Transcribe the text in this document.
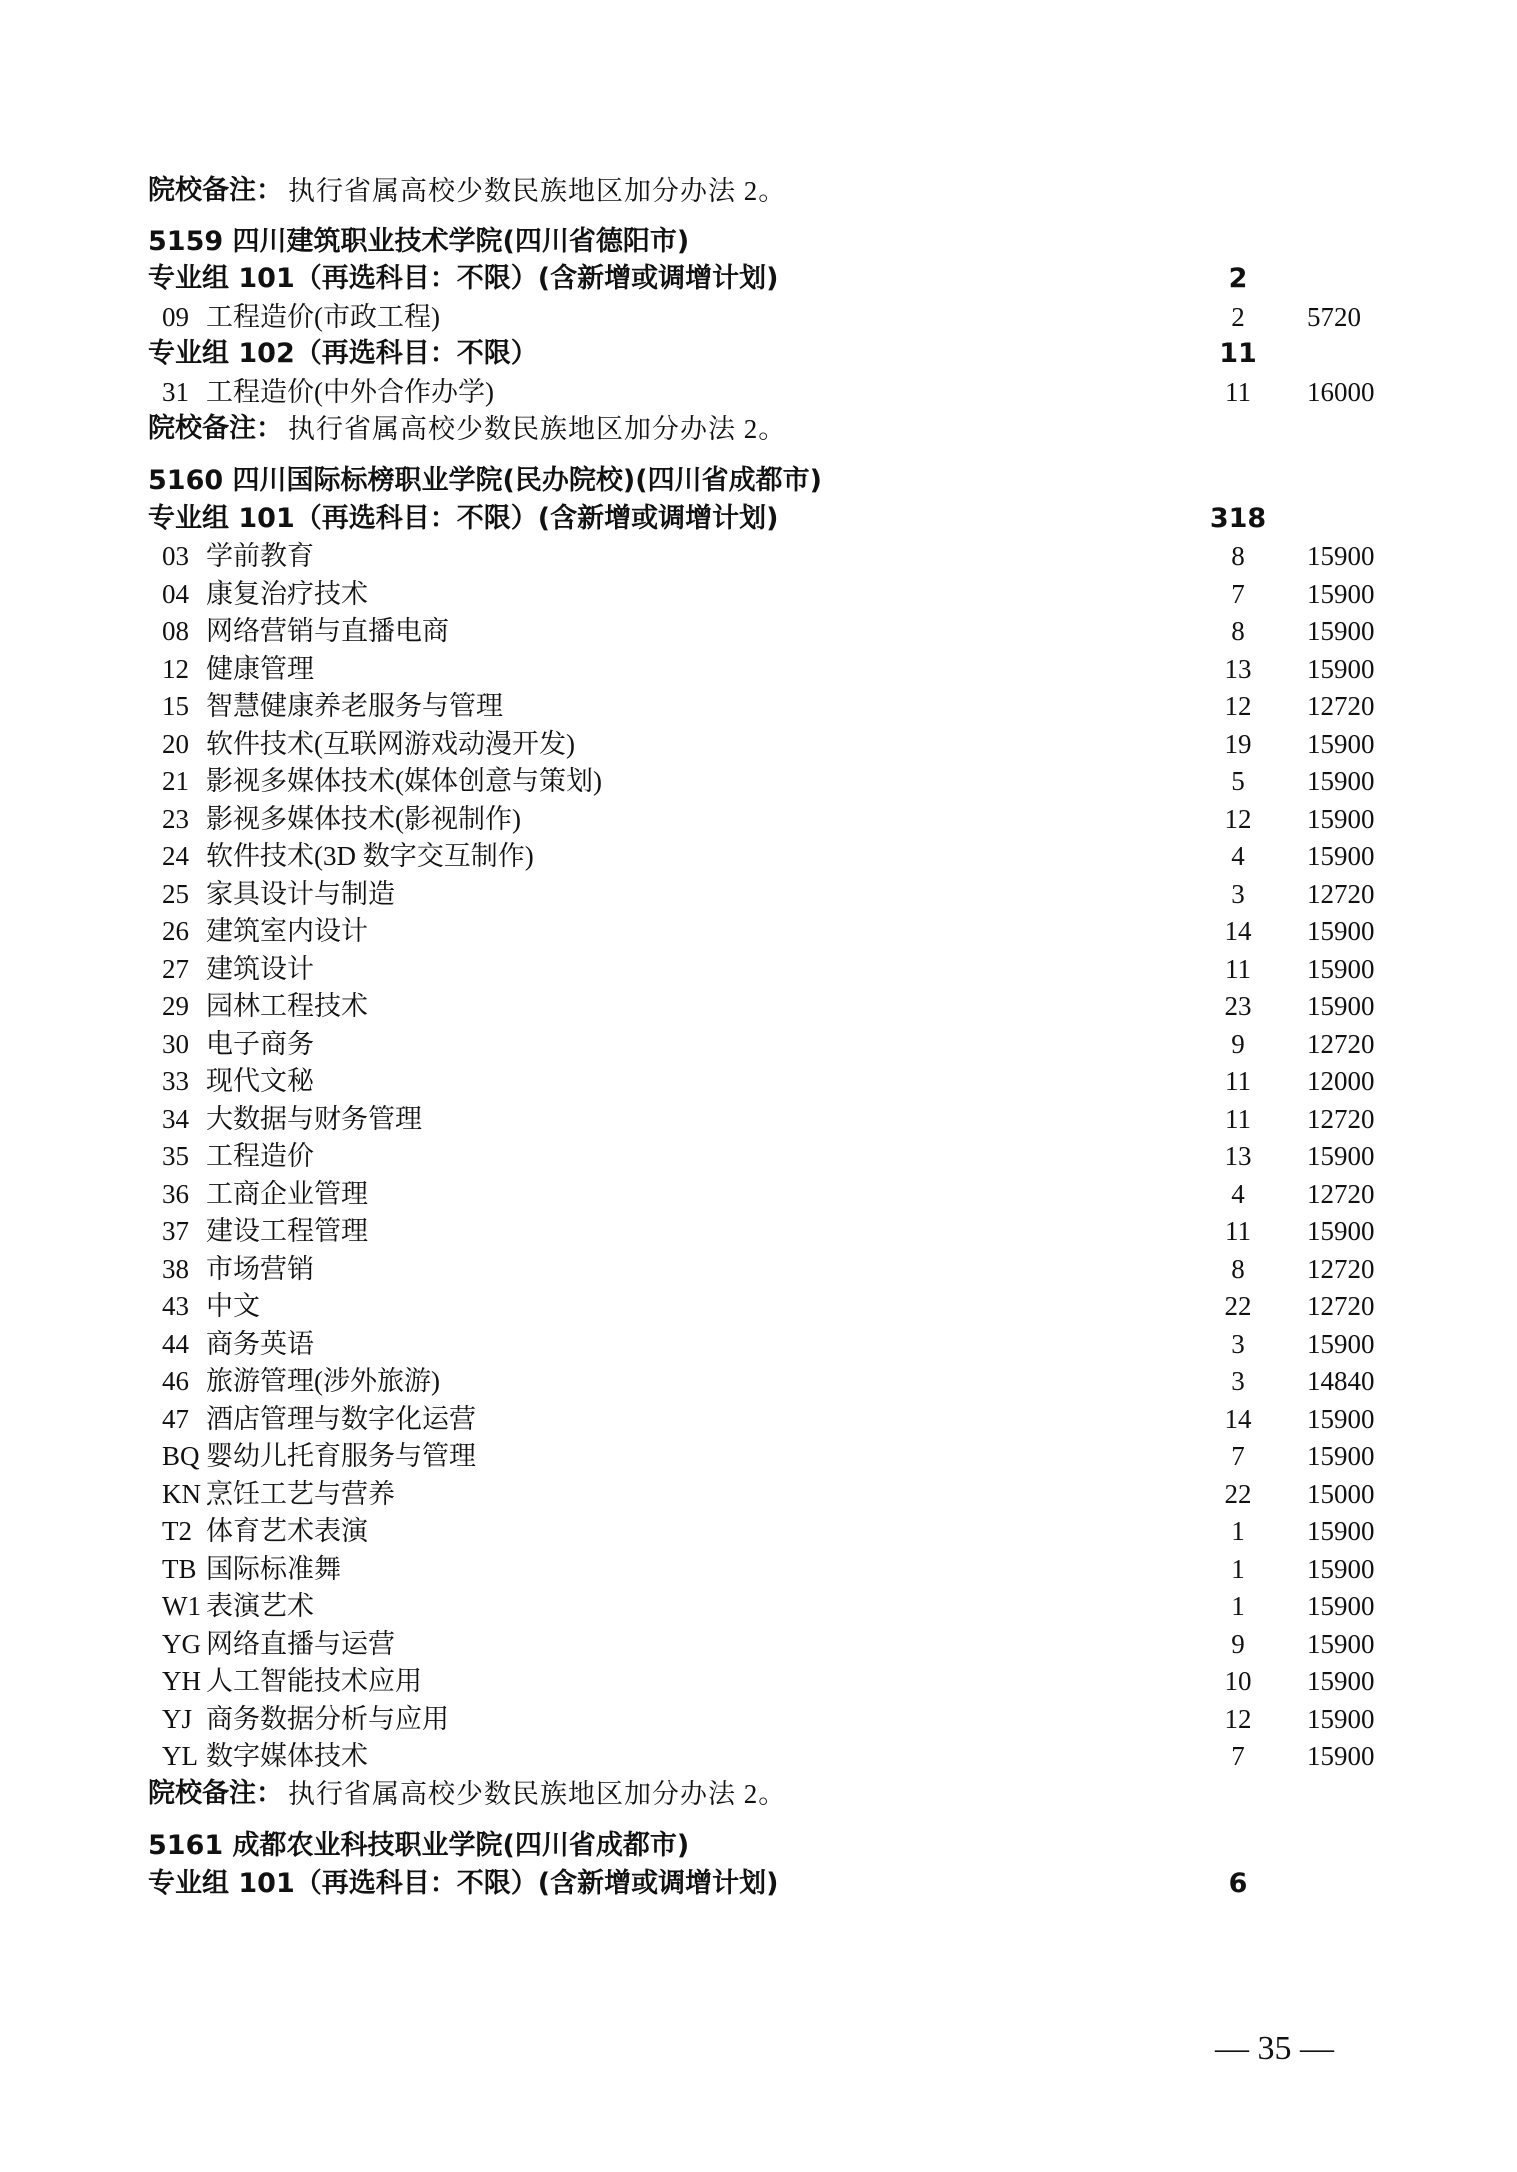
院校备注： 执行省属高校少数民族地区加分办法 2。
5159 四川建筑职业技术学院(四川省德阳市)
专业组 101（再选科目：不限）(含新增或调增计划)	2
09 工程造价(市政工程)	2	5720
专业组 102（再选科目：不限）	11
31 工程造价(中外合作办学)	11	16000
院校备注： 执行省属高校少数民族地区加分办法 2。
5160 四川国际标榜职业学院(民办院校)(四川省成都市)
专业组 101（再选科目：不限）(含新增或调增计划)	318
03 学前教育	8	15900
04 康复治疗技术	7	15900
08 网络营销与直播电商	8	15900
12 健康管理	13	15900
15 智慧健康养老服务与管理	12	12720
20 软件技术(互联网游戏动漫开发)	19	15900
21 影视多媒体技术(媒体创意与策划)	5	15900
23 影视多媒体技术(影视制作)	12	15900
24 软件技术(3D 数字交互制作)	4	15900
25 家具设计与制造	3	12720
26 建筑室内设计	14	15900
27 建筑设计	11	15900
29 园林工程技术	23	15900
30 电子商务	9	12720
33 现代文秘	11	12000
34 大数据与财务管理	11	12720
35 工程造价	13	15900
36 工商企业管理	4	12720
37 建设工程管理	11	15900
38 市场营销	8	12720
43 中文	22	12720
44 商务英语	3	15900
46 旅游管理(涉外旅游)	3	14840
47 酒店管理与数字化运营	14	15900
BQ 婴幼儿托育服务与管理	7	15900
KN 烹饪工艺与营养	22	15000
T2 体育艺术表演	1	15900
TB 国际标准舞	1	15900
W1 表演艺术	1	15900
YG 网络直播与运营	9	15900
YH 人工智能技术应用	10	15900
YJ 商务数据分析与应用	12	15900
YL 数字媒体技术	7	15900
院校备注： 执行省属高校少数民族地区加分办法 2。
5161 成都农业科技职业学院(四川省成都市)
专业组 101（再选科目：不限）(含新增或调增计划)	6
— 35 —
